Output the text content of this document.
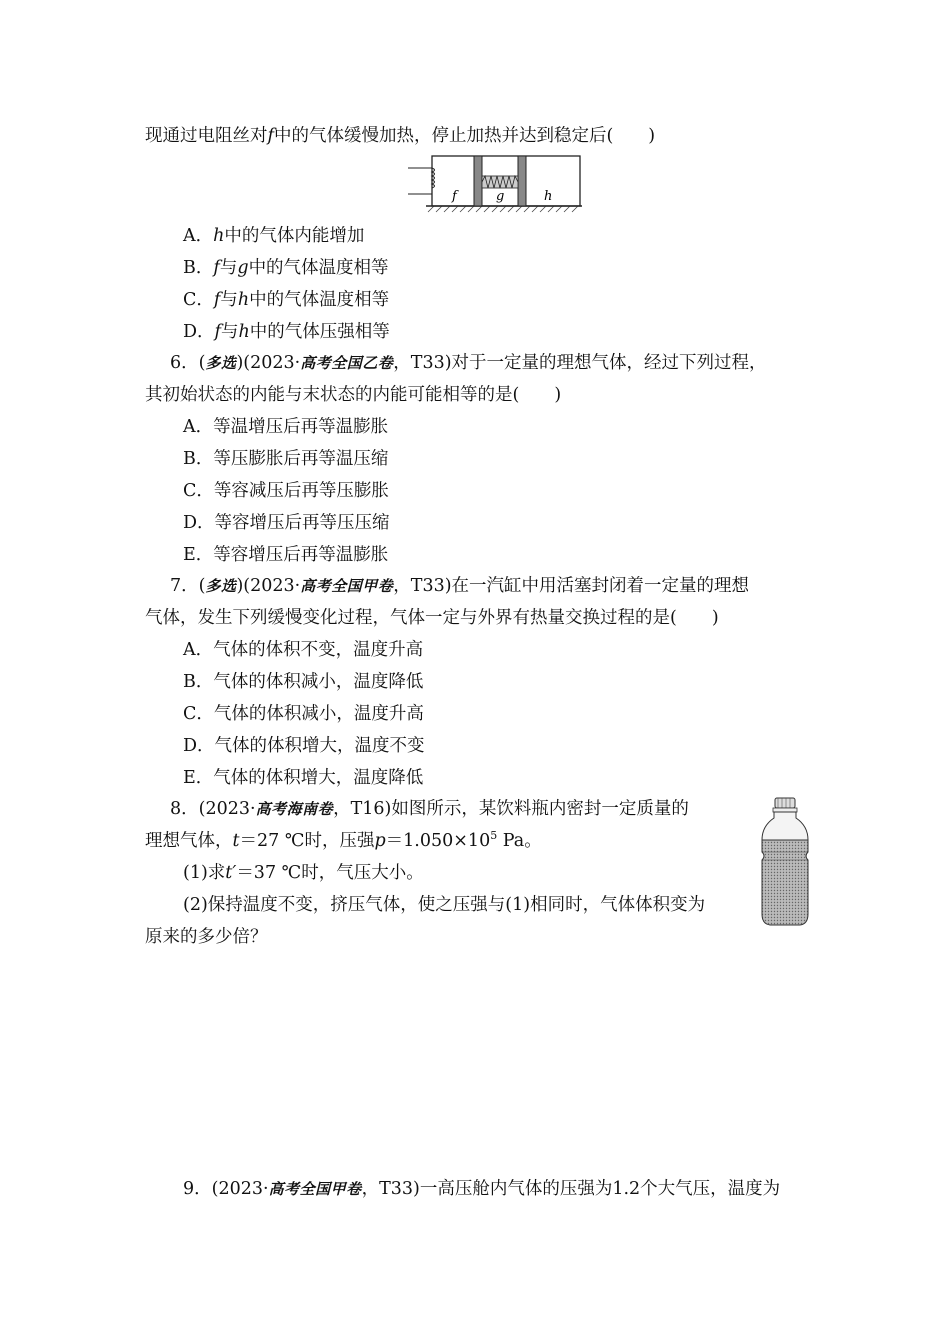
现通过电阻丝对f中的气体缓慢加热，停止加热并达到稳定后(　　)
f	g	h
A．h中的气体内能增加
B．f与g中的气体温度相等
C．f与h中的气体温度相等
D．f与h中的气体压强相等
6．(多选)(2023·高考全国乙卷，T33)对于一定量的理想气体，经过下列过程，
其初始状态的内能与末状态的内能可能相等的是(　　)
A．等温增压后再等温膨胀
B．等压膨胀后再等温压缩
C．等容减压后再等压膨胀
D．等容增压后再等压压缩
E．等容增压后再等温膨胀
7．(多选)(2023·高考全国甲卷，T33)在一汽缸中用活塞封闭着一定量的理想
气体，发生下列缓慢变化过程，气体一定与外界有热量交换过程的是(　　)
A．气体的体积不变，温度升高
B．气体的体积减小，温度降低
C．气体的体积减小，温度升高
D．气体的体积增大，温度不变
E．气体的体积增大，温度降低
8．(2023·高考海南卷，T16)如图所示，某饮料瓶内密封一定质量的
理想气体，t＝27 ℃时，压强$p=1.050\times 10^5$ Pa。
(1)求t′＝37 ℃时，气压大小。
(2)保持温度不变，挤压气体，使之压强与(1)相同时，气体体积变为
原来的多少倍？
9．(2023·高考全国甲卷，T33)一高压舱内气体的压强为1.2个大气压，温度为
